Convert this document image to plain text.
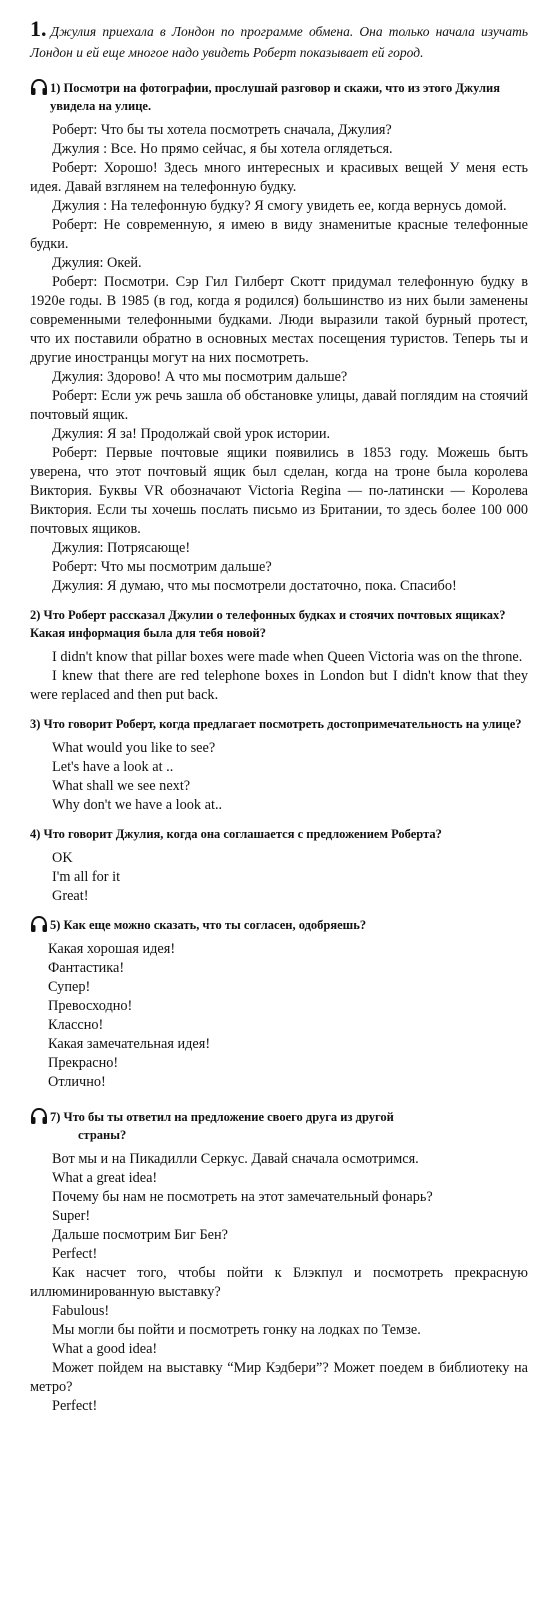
1. Джулия приехала в Лондон по программе обмена. Она только начала изучать Лондон и ей еще многое надо увидеть Роберт показывает ей город.

1) Посмотри на фотографии, прослушай разговор и скажи, что из этого Джулия увидела на улице.

Роберт: Что бы ты хотела посмотреть сначала, Джулия?

Джулия : Все. Но прямо сейчас, я бы хотела оглядеться.

Роберт: Хорошо! Здесь много интересных и красивых вещей У меня есть идея. Давай взглянем на телефонную будку.

Джулия : На телефонную будку? Я смогу увидеть ее, когда вернусь домой.

Роберт: Не современную, я имею в виду знаменитые красные телефонные будки.

Джулия: Окей.

Роберт: Посмотри. Сэр Гил Гилберт Скотт придумал телефонную будку в 1920е годы. В 1985 (в год, когда я родился) большинство из них были заменены современными телефонными будками. Люди выразили такой бурный протест, что их поставили обратно в основных местах посещения туристов. Теперь ты и другие иностранцы могут на них посмотреть.

Джулия: Здорово! А что мы посмотрим дальше?

Роберт: Если уж речь зашла об обстановке улицы, давай поглядим на стоячий почтовый ящик.

Джулия: Я за! Продолжай свой урок истории.

Роберт: Первые почтовые ящики появились в 1853 году. Можешь быть уверена, что этот почтовый ящик был сделан, когда на троне была королева Виктория. Буквы VR обозначают Victoria Regina — по-латински — Королева Виктория. Если ты хочешь послать письмо из Британии, то здесь более 100 000 почтовых ящиков.

Джулия: Потрясающе!

Роберт: Что мы посмотрим дальше?

Джулия: Я думаю, что мы посмотрели достаточно, пока. Спасибо!

2) Что Роберт рассказал Джулии о телефонных будках и стоячих почтовых ящиках? Какая информация была для тебя новой?

I didn't know that pillar boxes were made when Queen Victoria was on the throne.

I knew that there are red telephone boxes in London but I didn't know that they were replaced and then put back.

3) Что говорит Роберт, когда предлагает посмотреть достопримечательность на улице?

What would you like to see?

Let's have a look at ..

What shall we see next?

Why don't we have a look at..

4) Что говорит Джулия, когда она соглашается с предложением Роберта?

OK

I'm all for it

Great!

5) Как еще можно сказать, что ты согласен, одобряешь?

Какая хорошая идея!

Фантастика!

Супер!

Превосходно!

Классно!

Какая замечательная идея!

Прекрасно!

Отлично!

7) Что бы ты ответил на предложение своего друга из другой
страны?

Вот мы и на Пикадилли Серкус. Давай сначала осмотримся.

What a great idea!

Почему бы нам не посмотреть на этот замечательный фонарь?

Super!

Дальше посмотрим Биг Бен?

Perfect!

Как насчет того, чтобы пойти к Блэкпул и посмотреть прекрасную иллюминированную выставку?

Fabulous!

Мы могли бы пойти и посмотреть гонку на лодках по Темзе.

What a good idea!

Может пойдем на выставку “Мир Кэдбери”? Может поедем в библиотеку на метро?

Perfect!
